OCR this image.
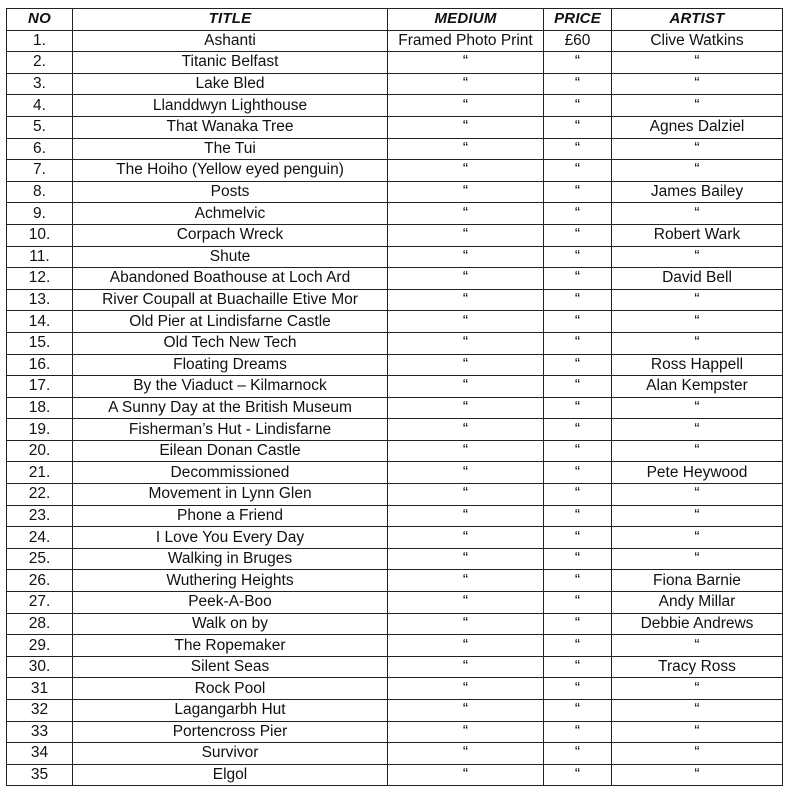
NO	TITLE	MEDIUM	PRICE	ARTIST
1.	Ashanti	Framed Photo Print	£60	Clive Watkins
2.	Titanic Belfast	“	“	“
3.	Lake Bled	“	“	“
4.	Llanddwyn Lighthouse	“	“	“
5.	That Wanaka Tree	“	“	Agnes Dalziel
6.	The Tui	“	“	“
7.	The Hoiho (Yellow eyed penguin)	“	“	“
8.	Posts	“	“	James Bailey
9.	Achmelvic	“	“	“
10.	Corpach Wreck	“	“	Robert Wark
11.	Shute	“	“	“
12.	Abandoned Boathouse at Loch Ard	“	“	David Bell
13.	River Coupall at Buachaille Etive Mor	“	“	“
14.	Old Pier at Lindisfarne Castle	“	“	“
15.	Old Tech New Tech	“	“	“
16.	Floating Dreams	“	“	Ross Happell
17.	By the Viaduct – Kilmarnock	“	“	Alan Kempster
18.	A Sunny Day at the British Museum	“	“	“
19.	Fisherman’s Hut - Lindisfarne	“	“	“
20.	Eilean Donan Castle	“	“	“
21.	Decommissioned	“	“	Pete Heywood
22.	Movement in Lynn Glen	“	“	“
23.	Phone a Friend	“	“	“
24.	I Love You Every Day	“	“	“
25.	Walking in Bruges	“	“	“
26.	Wuthering Heights	“	“	Fiona Barnie
27.	Peek-A-Boo	“	“	Andy Millar
28.	Walk on by	“	“	Debbie Andrews
29.	The Ropemaker	“	“	“
30.	Silent Seas	“	“	Tracy Ross
31	Rock Pool	“	“	“
32	Lagangarbh Hut	“	“	“
33	Portencross Pier	“	“	“
34	Survivor	“	“	“
35	Elgol	“	“	“
